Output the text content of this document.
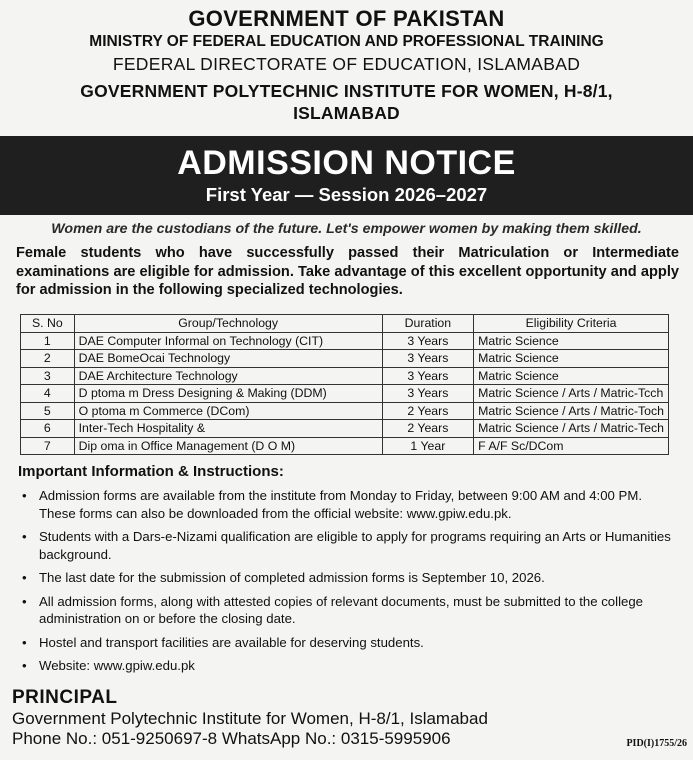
GOVERNMENT OF PAKISTAN
MINISTRY OF FEDERAL EDUCATION AND PROFESSIONAL TRAINING
FEDERAL DIRECTORATE OF EDUCATION, ISLAMABAD
GOVERNMENT POLYTECHNIC INSTITUTE FOR WOMEN, H-8/1,
ISLAMABAD
ADMISSION NOTICE
First Year — Session 2026–2027
Women are the custodians of the future. Let's empower women by making them skilled.
Female students who have successfully passed their Matriculation or Intermediate examinations are eligible for admission. Take advantage of this excellent opportunity and apply for admission in the following specialized technologies.
S. No	Group/Technology	Duration	Eligibility Criteria
1	DAE Computer Informal on Technology (CIT)	3 Years	Matric Science
2	DAE BomeOcai Technology	3 Years	Matric Science
3	DAE Architecture Technology	3 Years	Matric Science
4	D ptoma m Dress Designing & Making (DDM)	3 Years	Matric Science / Arts / Matric-Tcch
5	O ptoma m Commerce (DCom)	2 Years	Matric Science / Arts / Matric-Toch
6	Inter-Tech Hospitality &	2 Years	Matric Science / Arts / Matric-Tech
7	Dip oma in Office Management (D O M)	1 Year	F A/F Sc/DCom
Important Information & Instructions:
• Admission forms are available from the institute from Monday to Friday, between 9:00 AM and 4:00 PM. These forms can also be downloaded from the official website: www.gpiw.edu.pk.
• Students with a Dars-e-Nizami qualification are eligible to apply for programs requiring an Arts or Humanities background.
• The last date for the submission of completed admission forms is September 10, 2026.
• All admission forms, along with attested copies of relevant documents, must be submitted to the college administration on or before the closing date.
• Hostel and transport facilities are available for deserving students.
• Website: www.gpiw.edu.pk
PRINCIPAL
Government Polytechnic Institute for Women, H-8/1, Islamabad
Phone No.: 051-9250697-8 WhatsApp No.: 0315-5995906	PID(I)1755/26
